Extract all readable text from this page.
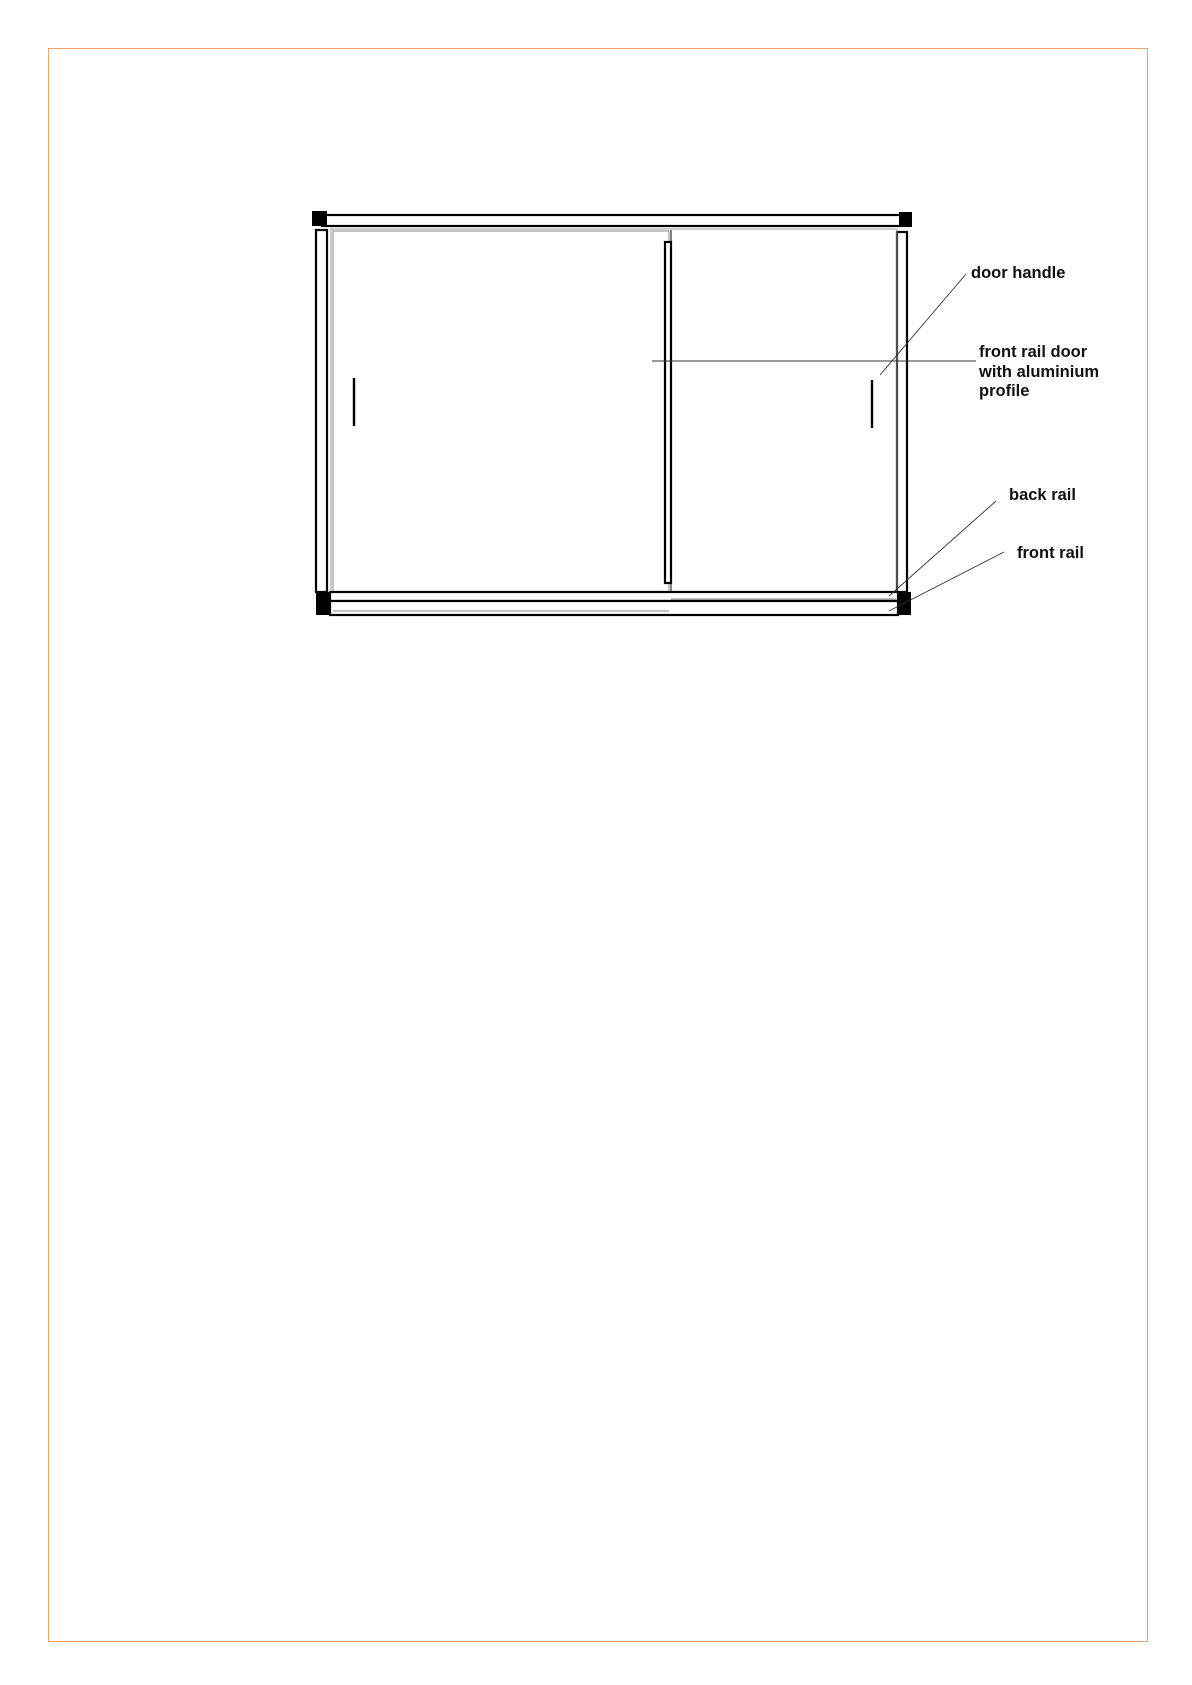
door handle
front rail door
with aluminium
profile
back rail
front rail
